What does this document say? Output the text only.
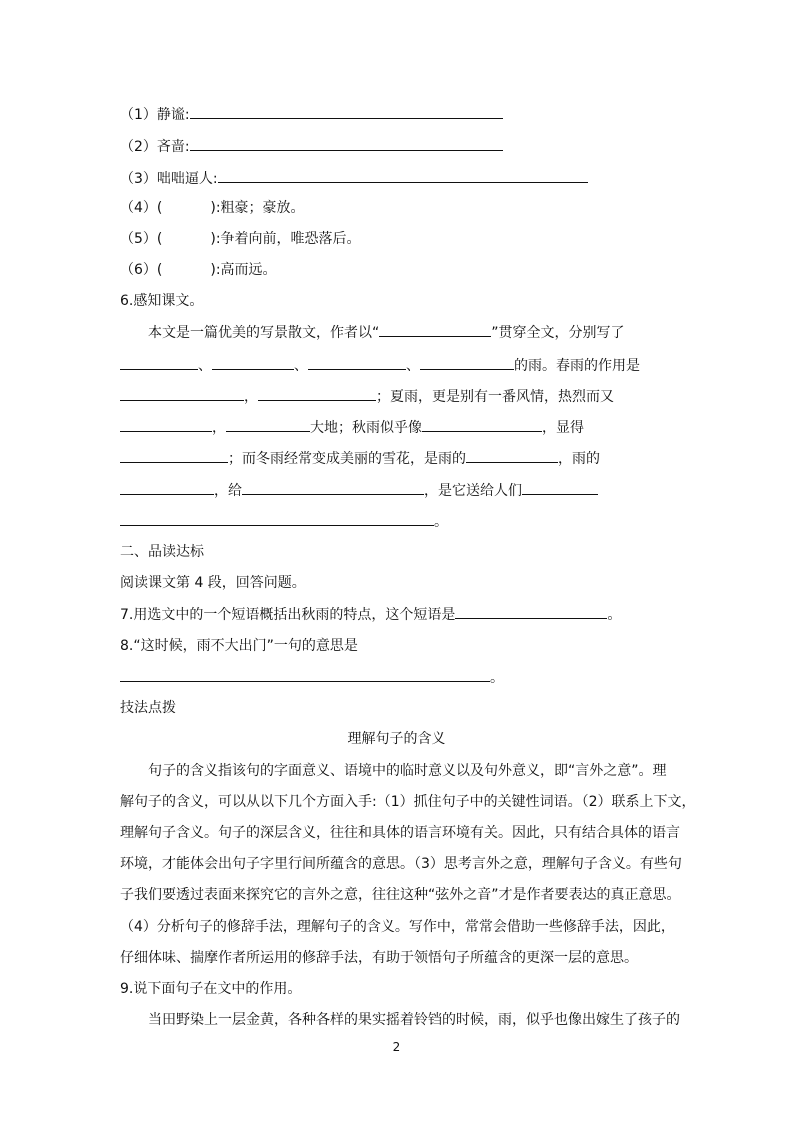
（1）静谧:
（2）吝啬:
（3）咄咄逼人:
（4）(	):粗豪；豪放。
（5）(	):争着向前，唯恐落后。
（6）(	):高而远。
6.感知课文。
本文是一篇优美的写景散文，作者以“	”贯穿全文，分别写了
、	、	、	的雨。春雨的作用是
，	；夏雨，更是别有一番风情，热烈而又
，	大地；秋雨似乎像	，显得
；而冬雨经常变成美丽的雪花，是雨的	，雨的
，给	，是它送给人们
。
二、品读达标
阅读课文第 4 段，回答问题。
7.用选文中的一个短语概括出秋雨的特点，这个短语是	。
8.“这时候，雨不大出门”一句的意思是
。
技法点拨
理解句子的含义
句子的含义指该句的字面意义、语境中的临时意义以及句外意义，即“言外之意”。理
解句子的含义，可以从以下几个方面入手:（1）抓住句子中的关键性词语。（2）联系上下文，
理解句子含义。句子的深层含义，往往和具体的语言环境有关。因此，只有结合具体的语言
环境，才能体会出句子字里行间所蕴含的意思。（3）思考言外之意，理解句子含义。有些句
子我们要透过表面来探究它的言外之意，往往这种“弦外之音”才是作者要表达的真正意思。
（4）分析句子的修辞手法，理解句子的含义。写作中，常常会借助一些修辞手法，因此，
仔细体味、揣摩作者所运用的修辞手法，有助于领悟句子所蕴含的更深一层的意思。
9.说下面句子在文中的作用。
当田野染上一层金黄，各种各样的果实摇着铃铛的时候，雨，似乎也像出嫁生了孩子的
2
